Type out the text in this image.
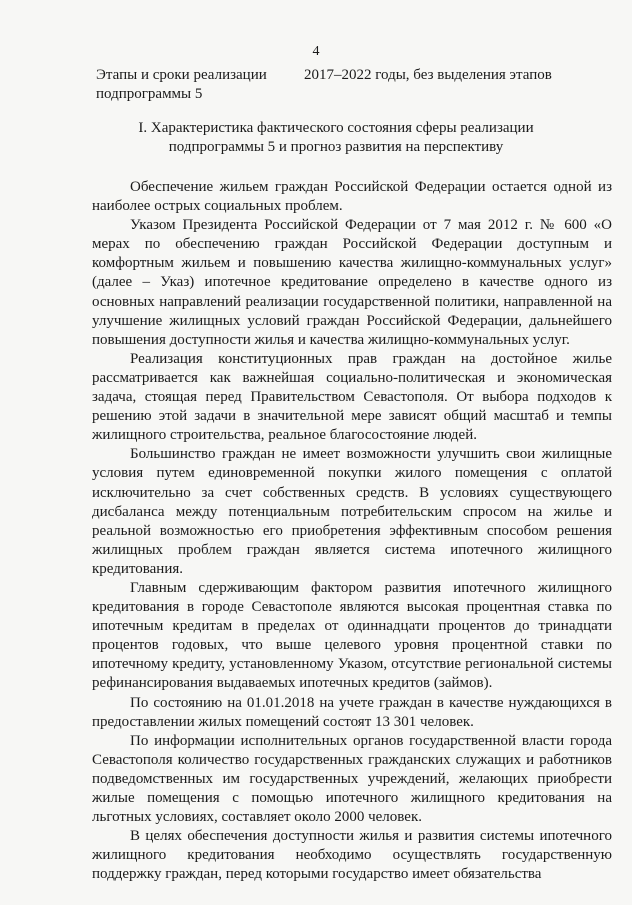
4
Этапы и сроки реализации подпрограммы 5
2017–2022 годы, без выделения этапов
I. Характеристика фактического состояния сферы реализации подпрограммы 5 и прогноз развития на перспективу

Обеспечение жильем граждан Российской Федерации остается одной из наиболее острых социальных проблем.

Указом Президента Российской Федерации от 7 мая 2012 г. № 600 «О мерах по обеспечению граждан Российской Федерации доступным и комфортным жильем и повышению качества жилищно-коммунальных услуг» (далее – Указ) ипотечное кредитование определено в качестве одного из основных направлений реализации государственной политики, направленной на улучшение жилищных условий граждан Российской Федерации, дальнейшего повышения доступности жилья и качества жилищно-коммунальных услуг.

Реализация конституционных прав граждан на достойное жилье рассматривается как важнейшая социально-политическая и экономическая задача, стоящая перед Правительством Севастополя. От выбора подходов к решению этой задачи в значительной мере зависят общий масштаб и темпы жилищного строительства, реальное благосостояние людей.

Большинство граждан не имеет возможности улучшить свои жилищные условия путем единовременной покупки жилого помещения с оплатой исключительно за счет собственных средств. В условиях существующего дисбаланса между потенциальным потребительским спросом на жилье и реальной возможностью его приобретения эффективным способом решения жилищных проблем граждан является система ипотечного жилищного кредитования.

Главным сдерживающим фактором развития ипотечного жилищного кредитования в городе Севастополе являются высокая процентная ставка по ипотечным кредитам в пределах от одиннадцати процентов до тринадцати процентов годовых, что выше целевого уровня процентной ставки по ипотечному кредиту, установленному Указом, отсутствие региональной системы рефинансирования выдаваемых ипотечных кредитов (займов).

По состоянию на 01.01.2018 на учете граждан в качестве нуждающихся в предоставлении жилых помещений состоят 13 301 человек.

По информации исполнительных органов государственной власти города Севастополя количество государственных гражданских служащих и работников подведомственных им государственных учреждений, желающих приобрести жилые помещения с помощью ипотечного жилищного кредитования на льготных условиях, составляет около 2000 человек.

В целях обеспечения доступности жилья и развития системы ипотечного жилищного кредитования необходимо осуществлять государственную поддержку граждан, перед которыми государство имеет обязательства
